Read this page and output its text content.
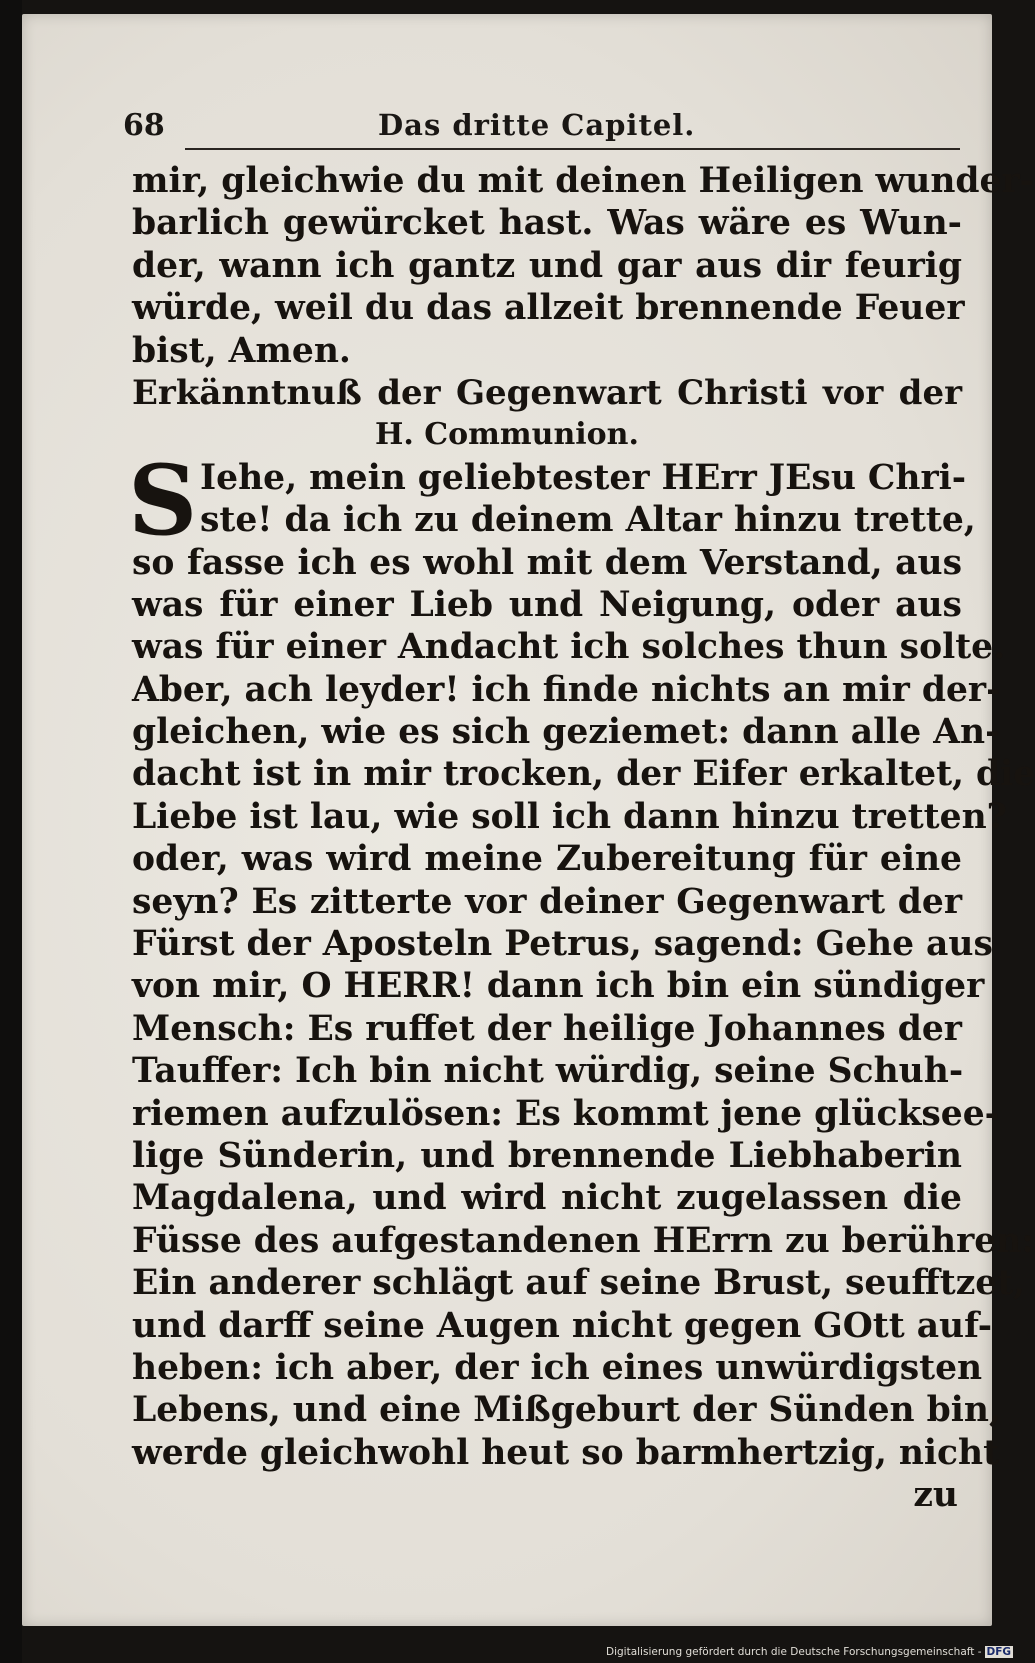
68	Das dritte Capitel.
mir, gleichwie du mit deinen Heiligen wunder-
barlich gewürcket hast. Was wäre es Wun-
der, wann ich gantz und gar aus dir feurig
würde, weil du das allzeit brennende Feuer
bist, Amen.
Erkänntnuß der Gegenwart Christi vor der
H. Communion.
S Iehe, mein geliebtester HErr JEsu Chri-
ste! da ich zu deinem Altar hinzu trette,
so fasse ich es wohl mit dem Verstand, aus
was für einer Lieb und Neigung, oder aus
was für einer Andacht ich solches thun solte.
Aber, ach leyder! ich finde nichts an mir der-
gleichen, wie es sich geziemet: dann alle An-
dacht ist in mir trocken, der Eifer erkaltet, die
Liebe ist lau, wie soll ich dann hinzu tretten?
oder, was wird meine Zubereitung für eine
seyn? Es zitterte vor deiner Gegenwart der
Fürst der Aposteln Petrus, sagend: Gehe aus
von mir, O HERR! dann ich bin ein sündiger
Mensch: Es ruffet der heilige Johannes der
Tauffer: Ich bin nicht würdig, seine Schuh-
riemen aufzulösen: Es kommt jene glücksee-
lige Sünderin, und brennende Liebhaberin
Magdalena, und wird nicht zugelassen die
Füsse des aufgestandenen HErrn zu berühren:
Ein anderer schlägt auf seine Brust, seufftzet,
und darff seine Augen nicht gegen GOtt auf-
heben: ich aber, der ich eines unwürdigsten
Lebens, und eine Mißgeburt der Sünden bin,
werde gleichwohl heut so barmhertzig, nicht
zu
Digitalisierung gefördert durch die Deutsche Forschungsgemeinschaft - DFG
